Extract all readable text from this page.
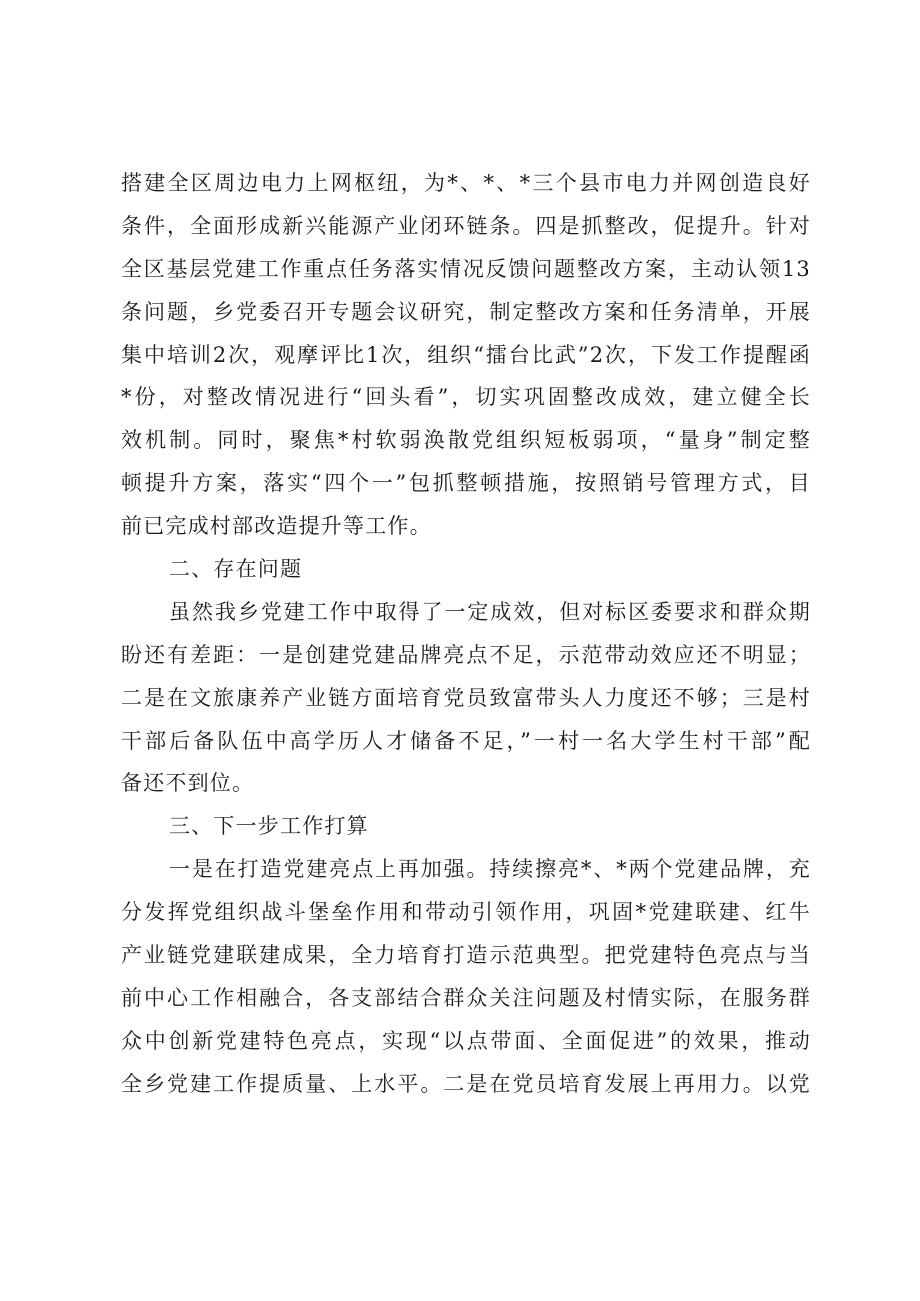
搭建全区周边电力上网枢纽，为*、*、*三个县市电力并网创造良好
条件，全面形成新兴能源产业闭环链条。四是抓整改，促提升。针对
全区基层党建工作重点任务落实情况反馈问题整改方案，主动认领13
条问题，乡党委召开专题会议研究，制定整改方案和任务清单，开展
集中培训2次，观摩评比1次，组织“擂台比武”2次，下发工作提醒函
*份，对整改情况进行“回头看”，切实巩固整改成效，建立健全长
效机制。同时，聚焦*村软弱涣散党组织短板弱项，“量身”制定整
顿提升方案，落实“四个一”包抓整顿措施，按照销号管理方式，目
前已完成村部改造提升等工作。
二、存在问题
虽然我乡党建工作中取得了一定成效，但对标区委要求和群众期
盼还有差距：一是创建党建品牌亮点不足，示范带动效应还不明显；
二是在文旅康养产业链方面培育党员致富带头人力度还不够；三是村
干部后备队伍中高学历人才储备不足，”一村一名大学生村干部”配
备还不到位。
三、下一步工作打算
一是在打造党建亮点上再加强。持续擦亮*、*两个党建品牌，充
分发挥党组织战斗堡垒作用和带动引领作用，巩固*党建联建、红牛
产业链党建联建成果，全力培育打造示范典型。把党建特色亮点与当
前中心工作相融合，各支部结合群众关注问题及村情实际，在服务群
众中创新党建特色亮点，实现“以点带面、全面促进”的效果，推动
全乡党建工作提质量、上水平。二是在党员培育发展上再用力。以党
